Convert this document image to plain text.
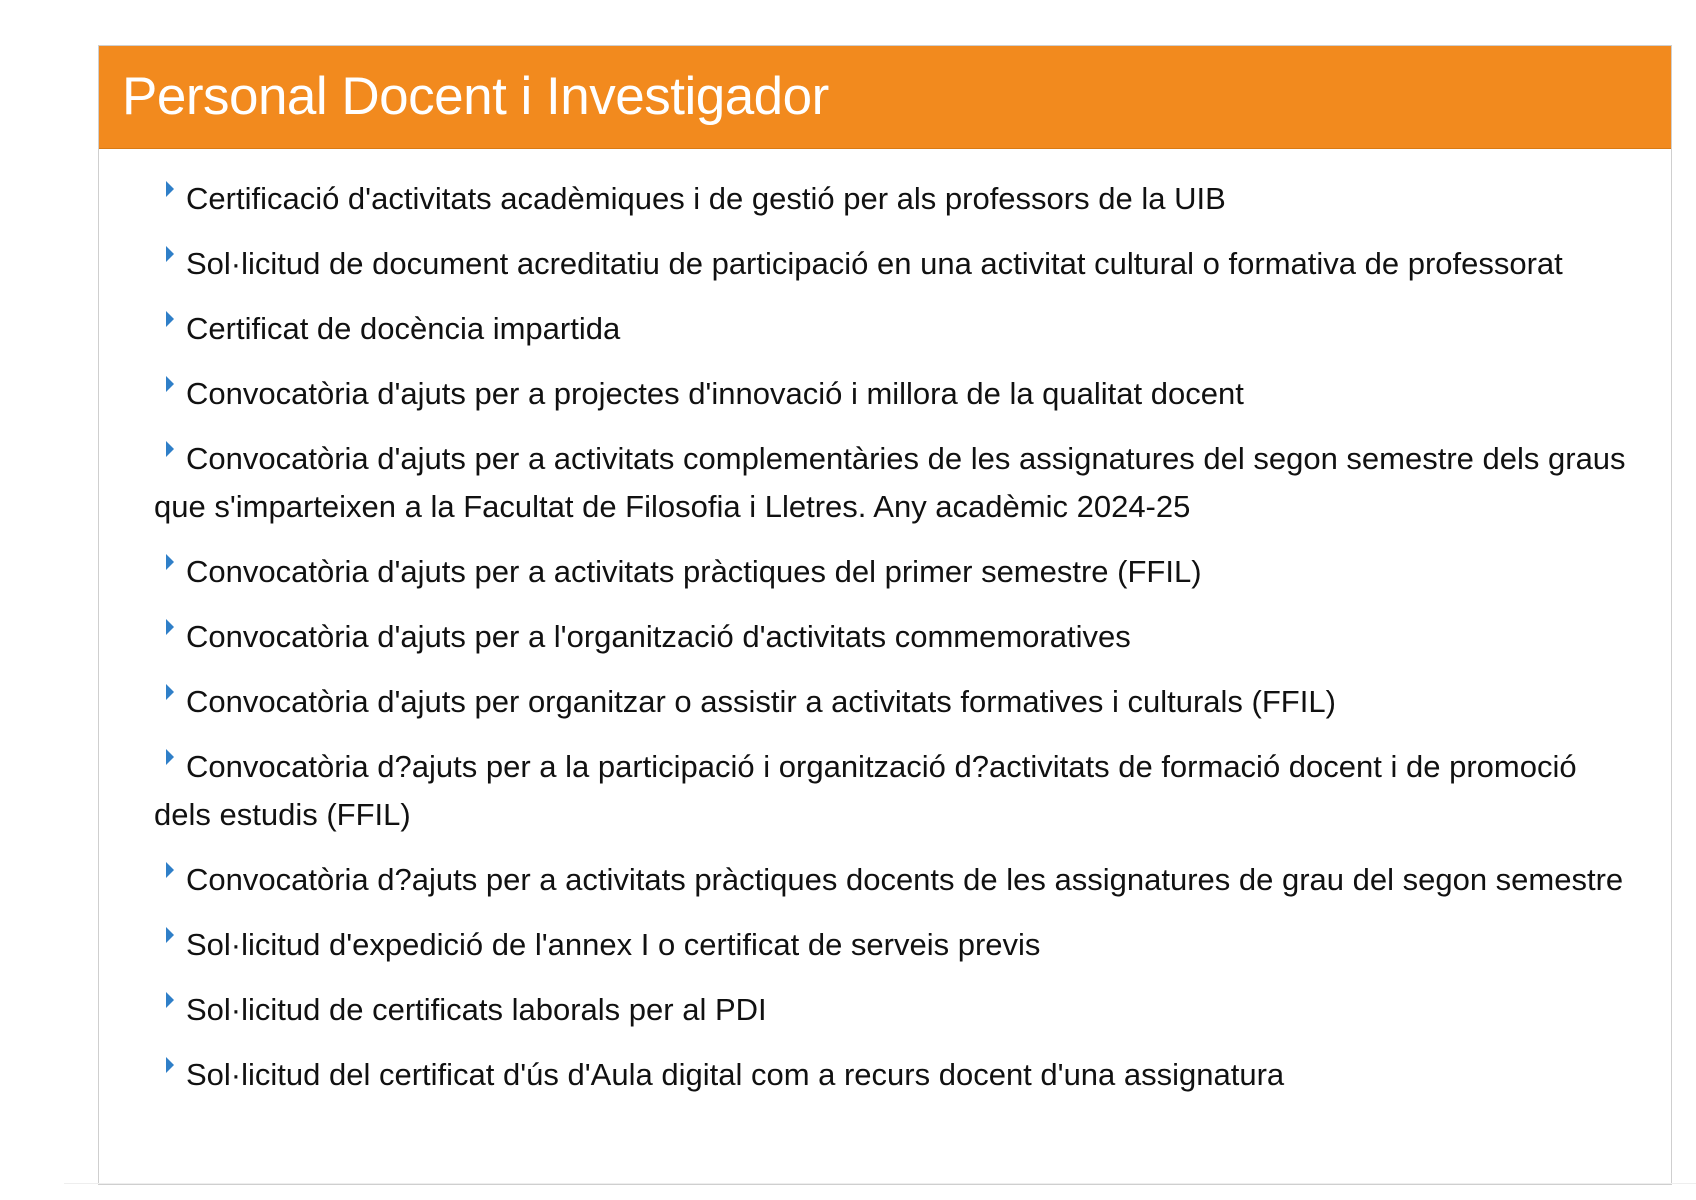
Personal Docent i Investigador
Certificació d'activitats acadèmiques i de gestió per als professors de la UIB
Sol·licitud de document acreditatiu de participació en una activitat cultural o formativa de professorat
Certificat de docència impartida
Convocatòria d'ajuts per a projectes d'innovació i millora de la qualitat docent
Convocatòria d'ajuts per a activitats complementàries de les assignatures del segon semestre dels graus que s'imparteixen a la Facultat de Filosofia i Lletres. Any acadèmic 2024-25
Convocatòria d'ajuts per a activitats pràctiques del primer semestre (FFIL)
Convocatòria d'ajuts per a l'organització d'activitats commemoratives
Convocatòria d'ajuts per organitzar o assistir a activitats formatives i culturals (FFIL)
Convocatòria d?ajuts per a la participació i organització d?activitats de formació docent i de promoció dels estudis (FFIL)
Convocatòria d?ajuts per a activitats pràctiques docents de les assignatures de grau del segon semestre
Sol·licitud d'expedició de l'annex I o certificat de serveis previs
Sol·licitud de certificats laborals per al PDI
Sol·licitud del certificat d'ús d'Aula digital com a recurs docent d'una assignatura
